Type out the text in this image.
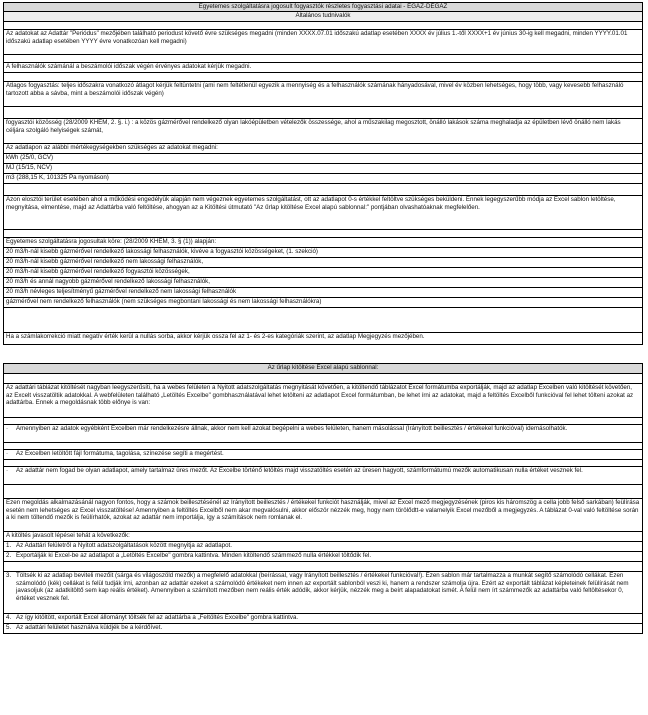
Egyetemes szolgáltatásra jogosult fogyasztók részletes fogyasztási adatai - ÉGÁZ-DÉGÁZ
Általános tudnivalók
Az adatokat az Adattár "Periódus" mezőjében található periodust követő évre szükséges megadni (minden XXXX.07.01 időszakú adatlap esetében XXXX év július 1.-től XXXX+1 év június 30-ig kell megadni, minden YYYY.01.01 időszakú adatlap esetében YYYY évre vonatkozóan kell megadni)
A felhasználók számánál a beszámolói időszak végén érvényes adatokat kérjük megadni.
Átlagos fogyasztás: teljes időszakra vonatkozó átlagot kérjük feltüntetni (ami nem feltétlenül egyezik a mennyiség és a felhasználók számának hányadosával, mivel év közben lehetséges, hogy több, vagy kevesebb felhasználó tartozott abba a sávba, mint a beszámolói időszak végén)
fogyasztói közösség (28/2009 KHEM, 2. §. i.) : a közös gázmérővel rendelkező olyan lakóépületben vételezők összessége, ahol a műszakilag megosztott, önálló lakások száma meghaladja az épületben lévő önálló nem lakás céljára szolgáló helyiségek számát,
Az adatlapon az alábbi mértékegységekben szükséges az adatokat megadni:
kWh (25/0, GCV)
MJ (15/15, NCV)
m3 (288,15 K, 101325 Pa nyomáson)
Azon elosztói terület esetében ahol a működési engedélyük alapján nem végeznek egyetemes szolgáltatást, ott az adatlapot 0-s értékkel feltöltve szükséges beküldeni. Ennek legegyszerűbb módja az Excel sablon letöltése, megnyitása, elmentése, majd az Adattárba való feltöltése, ahogyan az a Kitöltési útmutató "Az űrlap kitöltése Excel alapú sablonnal:" pontjában olvashatóaknak megfelelően.
Egyetemes szolgáltatásra jogosultak köre: (28/2009 KHEM, 3. § (1)) alapján:
20 m3/h-nál kisebb gázmérővel rendelkező lakossági felhasználók, kivéve a fogyasztói közösségeket, (1. szekció)
20 m3/h-nál kisebb gázmérővel rendelkező nem lakossági felhasználók,
20 m3/h-nál kisebb gázmérővel rendelkező fogyasztói közösségek,
20 m3/h és annál nagyobb gázmérővel rendelkező lakossági felhasználók,
20 m3/h névleges teljesítményű gázmérővel rendelkező nem lakossági felhasználók
gázmérővel nem rendelkező felhasználók (nem szükséges megbontani lakossági és nem lakossági felhasználókra)
Ha a számlakorrekció miatt negatív érték kerül a nullás sorba, akkor kérjük ossza fel az 1- és 2-es kategóriák szerint, az adatlap Megjegyzés mezőjében.
Az űrlap kitöltése Excel alapú sablonnal:
Az adattári táblázat kitöltését nagyban leegyszerűsíti, ha a webes felületen a Nyitott adatszolgáltatás megnyitását követően, a kitöltendő táblázatot Excel formátumba exportálják, majd az adatlap Excelben való kitöltését követően, az Excelt visszatöltik adatokkal. A webfelületen található „Letöltés Excelbe" gombhasználatával lehet letölteni az adatlapot Excel formátumban, be lehet írni az adatokat, majd a feltöltés Excelből funkcióval fel lehet tölteni azokat az adattárba. Ennek a megoldásnak több előnye is van:
·	Amennyiben az adatok egyébként Excelben már rendelkezésre állnak, akkor nem kell azokat begépelni a webes felületen, hanem másolással (Irányított beillesztés / értékekel funkcióval) idemásolhatók.
·	Az Excelben letöltött fájl formátuma, tagolása, színezése segíti a megértést.
·	Az adattár nem fogad be olyan adatlapot, amely tartalmaz üres mezőt. Az Excelbe történő letöltés majd visszatöltés esetén az üresen hagyott, számformátumú mezők automatikusan nulla értéket vesznek fel.
Ezen megoldás alkalmazásánál nagyon fontos, hogy a számok beillesztésénél az Irányított beillesztés / értékekel funkciót használják, mivel az Excel mező megjegyzésének (piros kis háromszög a cella jobb felső sarkában) feülírása esetén nem lehetséges az Excel visszatöltése! Amennyiben a feltöltés Excelből nem akar megvalósulni, akkor először nézzék meg, hogy nem törölődtt-e valamelyik Excel mezőből a megjegyzés. A táblázat 0-val való feltöltése során a ki nem töltendő mezők is feülírhatók, azokat az adattár nem importálja, így a számítások nem romlanak el.
A kitöltés javasolt lépései tehát a következők:
1. Az Adattári felületről a Nyitott adatszolgáltatások között megnyitja az adatlapot.
2. Exportálják ki Excel-be az adatlapot a „Letöltés Excelbe" gombra kattintva. Minden kitöltendő számmező nulla értékkel töltődik fel.
3. Töltsék ki az adatlap beviteli mezőit (sárga és világoszöld mezők) a megfelelő adatokkal (beírással, vagy Irányított beillesztés / értékekel funkcióval!). Ezen sablon már tartalmazza a munkát segítő számolódó cellákat. Ezen számolódó (kék) cellákat is felül tudják írni, azonban az adattár ezeket a számolódó értékeket nem innen az exportált sablonból veszi ki, hanem a rendszer számolja újra. Ezért az exportált táblázat képleteinek felülírását nem javasoljuk (az adatkitöltő sem kap reális értéket). Amennyiben a számított mezőben nem reális érték adódik, akkor kérjük, nézzék meg a beírt alapadatokat ismét. A felül nem írt számmezők az adattárba való feltöltésekor 0, értéket vesznek fel.
4. Az így kitöltött, exportált Excel állományt töltsék fel az adattárba a „Feltöltés Excelbe" gombra kattintva.
5. Az adattári felületet használva küldjék be a kérdőívet.
